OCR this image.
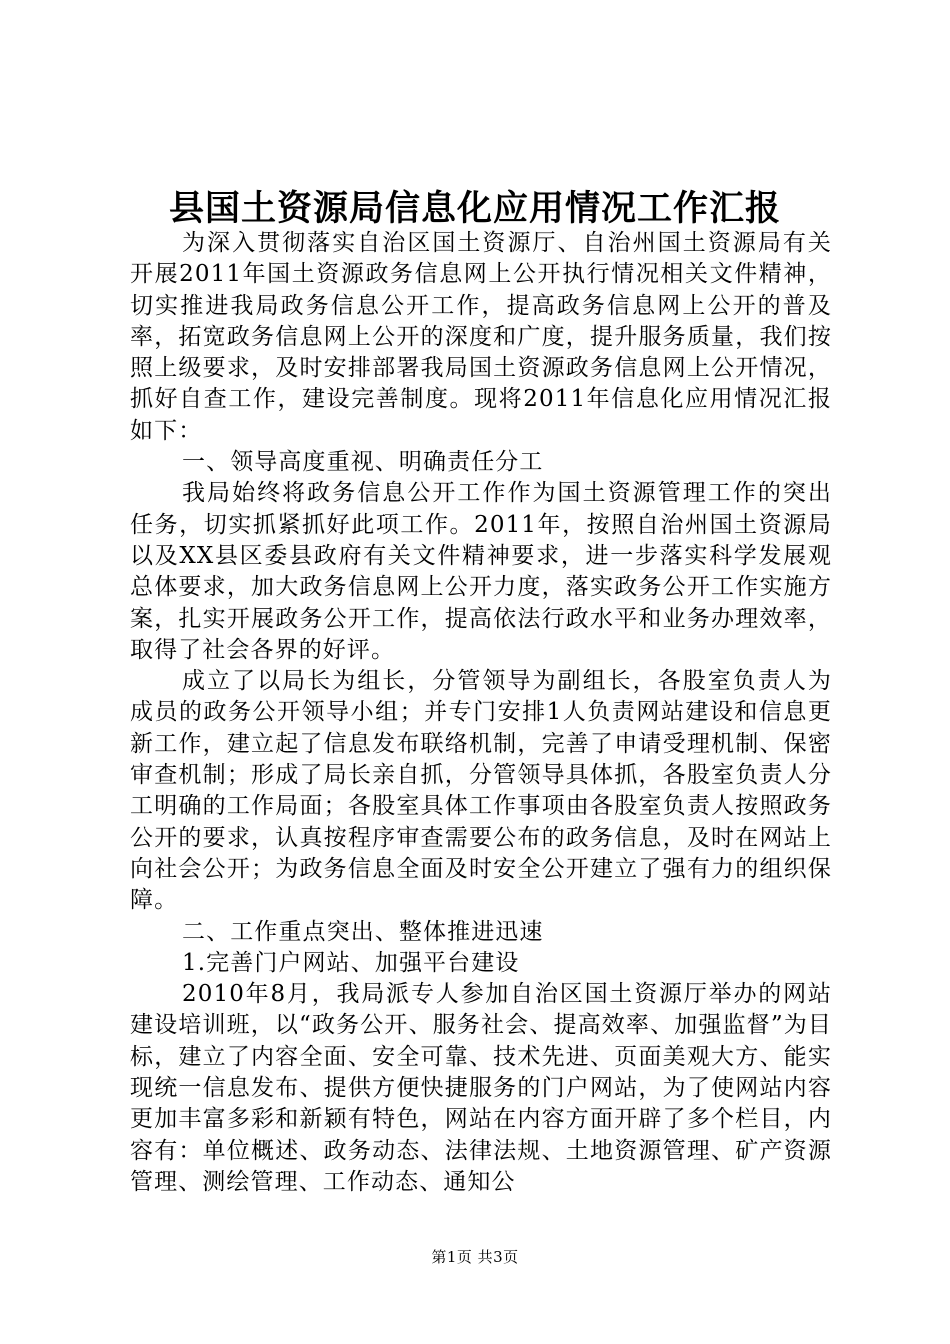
县国土资源局信息化应用情况工作汇报

为深入贯彻落实自治区国土资源厅、自治州国土资源局有关开展2011年国土资源政务信息网上公开执行情况相关文件精神，切实推进我局政务信息公开工作，提高政务信息网上公开的普及率，拓宽政务信息网上公开的深度和广度，提升服务质量，我们按照上级要求，及时安排部署我局国土资源政务信息网上公开情况，抓好自查工作，建设完善制度。现将2011年信息化应用情况汇报如下：

一、领导高度重视、明确责任分工

我局始终将政务信息公开工作作为国土资源管理工作的突出任务，切实抓紧抓好此项工作。2011年，按照自治州国土资源局以及XX县区委县政府有关文件精神要求，进一步落实科学发展观总体要求，加大政务信息网上公开力度，落实政务公开工作实施方案，扎实开展政务公开工作，提高依法行政水平和业务办理效率，取得了社会各界的好评。

成立了以局长为组长，分管领导为副组长，各股室负责人为成员的政务公开领导小组；并专门安排1人负责网站建设和信息更新工作，建立起了信息发布联络机制，完善了申请受理机制、保密审查机制；形成了局长亲自抓，分管领导具体抓，各股室负责人分工明确的工作局面；各股室具体工作事项由各股室负责人按照政务公开的要求，认真按程序审查需要公布的政务信息，及时在网站上向社会公开；为政务信息全面及时安全公开建立了强有力的组织保障。

二、工作重点突出、整体推进迅速

1.完善门户网站、加强平台建设

2010年8月，我局派专人参加自治区国土资源厅举办的网站建设培训班，以“政务公开、服务社会、提高效率、加强监督”为目标，建立了内容全面、安全可靠、技术先进、页面美观大方、能实现统一信息发布、提供方便快捷服务的门户网站，为了使网站内容更加丰富多彩和新颖有特色，网站在内容方面开辟了多个栏目，内容有：单位概述、政务动态、法律法规、土地资源管理、矿产资源管理、测绘管理、工作动态、通知公

第1页 共3页
